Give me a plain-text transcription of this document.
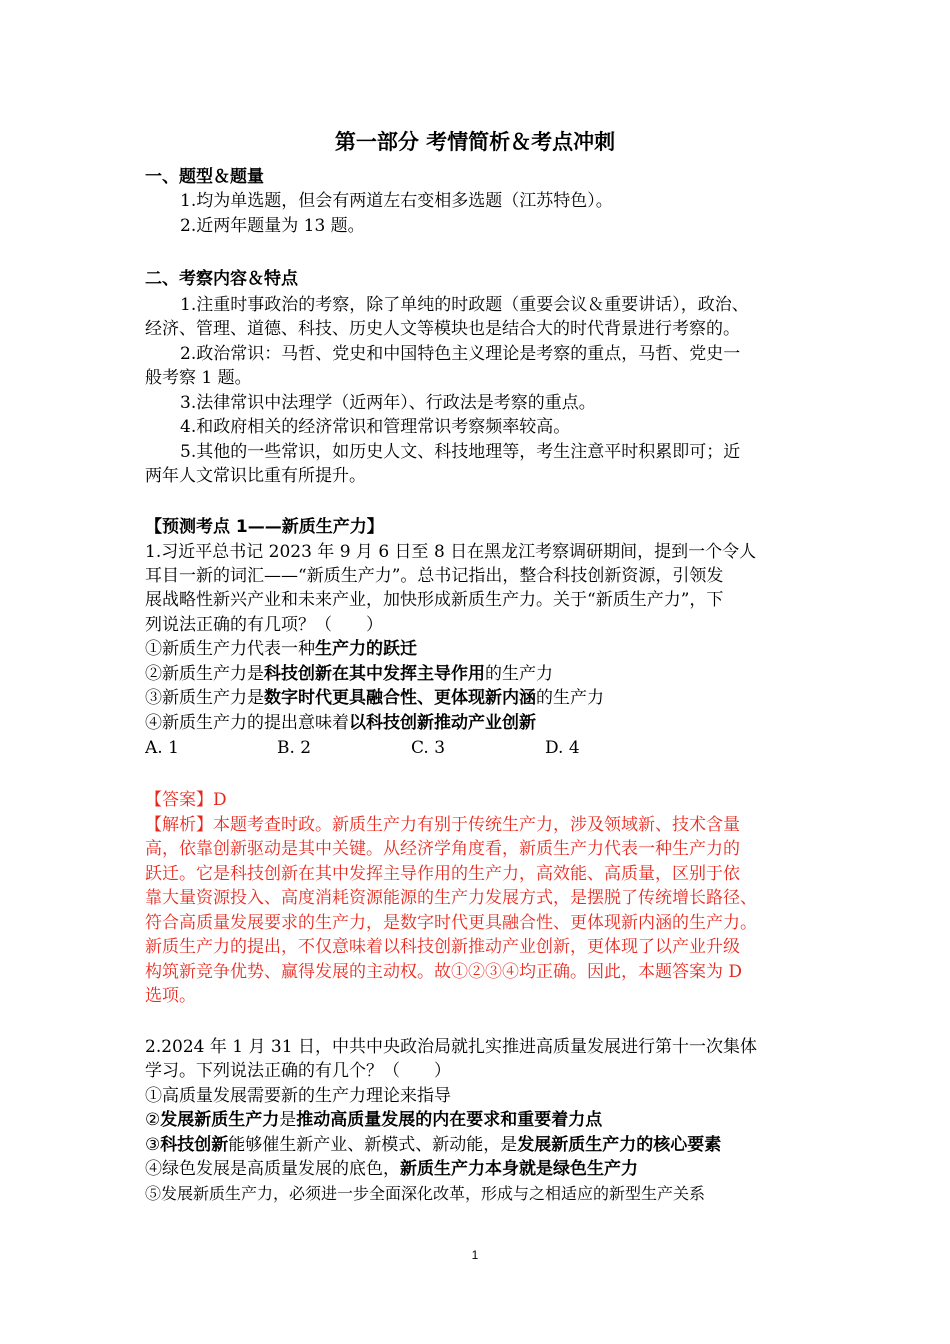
第一部分 考情简析＆考点冲刺
一、题型＆题量
1.均为单选题，但会有两道左右变相多选题（江苏特色）。
2.近两年题量为 13 题。
二、考察内容＆特点
1.注重时事政治的考察，除了单纯的时政题（重要会议＆重要讲话），政治、
经济、管理、道德、科技、历史人文等模块也是结合大的时代背景进行考察的。
2.政治常识：马哲、党史和中国特色主义理论是考察的重点，马哲、党史一
般考察 1 题。
3.法律常识中法理学（近两年）、行政法是考察的重点。
4.和政府相关的经济常识和管理常识考察频率较高。
5.其他的一些常识，如历史人文、科技地理等，考生注意平时积累即可；近
两年人文常识比重有所提升。
【预测考点 1——新质生产力】
1.习近平总书记 2023 年 9 月 6 日至 8 日在黑龙江考察调研期间，提到一个令人
耳目一新的词汇——“新质生产力”。总书记指出，整合科技创新资源，引领发
展战略性新兴产业和未来产业，加快形成新质生产力。关于“新质生产力”，下
列说法正确的有几项？（　　）
①新质生产力代表一种生产力的跃迁
②新质生产力是科技创新在其中发挥主导作用的生产力
③新质生产力是数字时代更具融合性、更体现新内涵的生产力
④新质生产力的提出意味着以科技创新推动产业创新
A. 1	B. 2	C. 3	D. 4
【答案】D
【解析】本题考查时政。新质生产力有别于传统生产力，涉及领域新、技术含量
高，依靠创新驱动是其中关键。从经济学角度看，新质生产力代表一种生产力的
跃迁。它是科技创新在其中发挥主导作用的生产力，高效能、高质量，区别于依
靠大量资源投入、高度消耗资源能源的生产力发展方式，是摆脱了传统增长路径、
符合高质量发展要求的生产力，是数字时代更具融合性、更体现新内涵的生产力。
新质生产力的提出，不仅意味着以科技创新推动产业创新，更体现了以产业升级
构筑新竞争优势、赢得发展的主动权。故①②③④均正确。因此，本题答案为 D
选项。
2.2024 年 1 月 31 日，中共中央政治局就扎实推进高质量发展进行第十一次集体
学习。下列说法正确的有几个？（　　）
①高质量发展需要新的生产力理论来指导
②发展新质生产力是推动高质量发展的内在要求和重要着力点
③科技创新能够催生新产业、新模式、新动能，是发展新质生产力的核心要素
④绿色发展是高质量发展的底色，新质生产力本身就是绿色生产力
⑤发展新质生产力，必须进一步全面深化改革，形成与之相适应的新型生产关系
1
